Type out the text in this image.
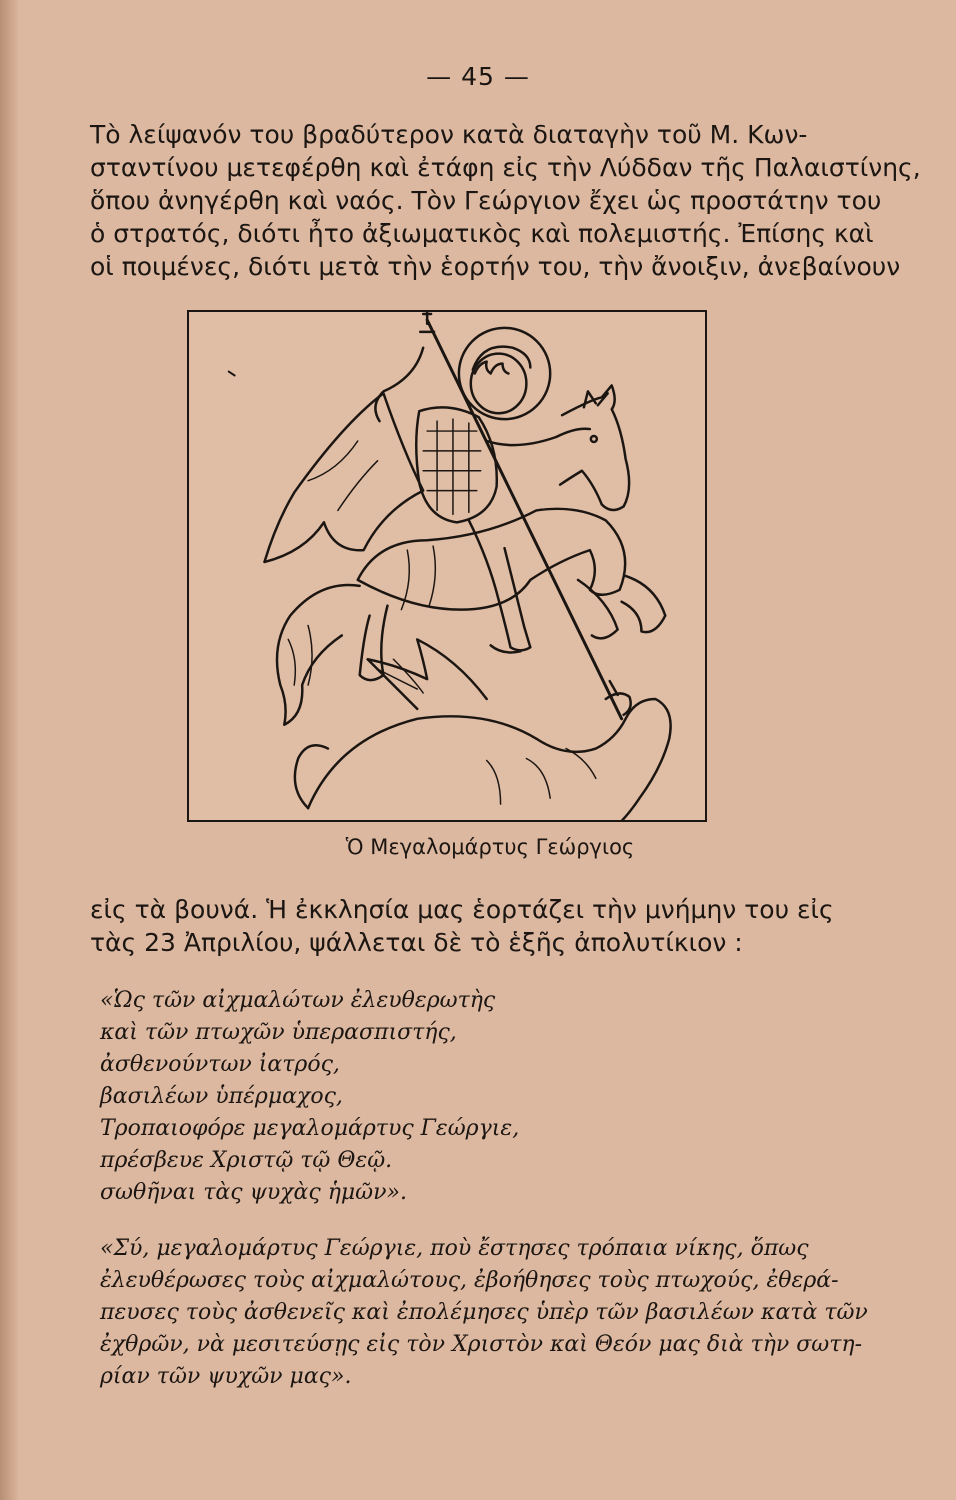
— 45 —
Τὸ λείψανόν του βραδύτερον κατὰ διαταγὴν τοῦ Μ. Κων-
σταντίνου μετεφέρθη καὶ ἐτάφη εἰς τὴν Λύδδαν τῆς Παλαιστίνης,
ὅπου ἀνηγέρθη καὶ ναός. Τὸν Γεώργιον ἔχει ὡς προστάτην του
ὁ στρατός, διότι ἦτο ἀξιωματικὸς καὶ πολεμιστής. Ἐπίσης καὶ
οἱ ποιμένες, διότι μετὰ τὴν ἑορτήν του, τὴν ἄνοιξιν, ἀνεβαίνουν
Ὁ Μεγαλομάρτυς Γεώργιος
εἰς τὰ βουνά. Ἡ ἐκκλησία μας ἑορτάζει τὴν μνήμην του εἰς
τὰς 23 Ἀπριλίου, ψάλλεται δὲ τὸ ἑξῆς ἀπολυτίκιον :
«Ὡς τῶν αἰχμαλώτων ἐλευθερωτὴς
καὶ τῶν πτωχῶν ὑπερασπιστής,
ἀσθενούντων ἰατρός,
βασιλέων ὑπέρμαχος,
Τροπαιοφόρε μεγαλομάρτυς Γεώργιε,
πρέσβευε Χριστῷ τῷ Θεῷ.
σωθῆναι τὰς ψυχὰς ἡμῶν».
«Σύ, μεγαλομάρτυς Γεώργιε, ποὺ ἔστησες τρόπαια νίκης, ὅπως
ἐλευθέρωσες τοὺς αἰχμαλώτους, ἐβοήθησες τοὺς πτωχούς, ἐθερά-
πευσες τοὺς ἀσθενεῖς καὶ ἐπολέμησες ὑπὲρ τῶν βασιλέων κατὰ τῶν
ἐχθρῶν, νὰ μεσιτεύσῃς εἰς τὸν Χριστὸν καὶ Θεόν μας διὰ τὴν σωτη-
ρίαν τῶν ψυχῶν μας».
